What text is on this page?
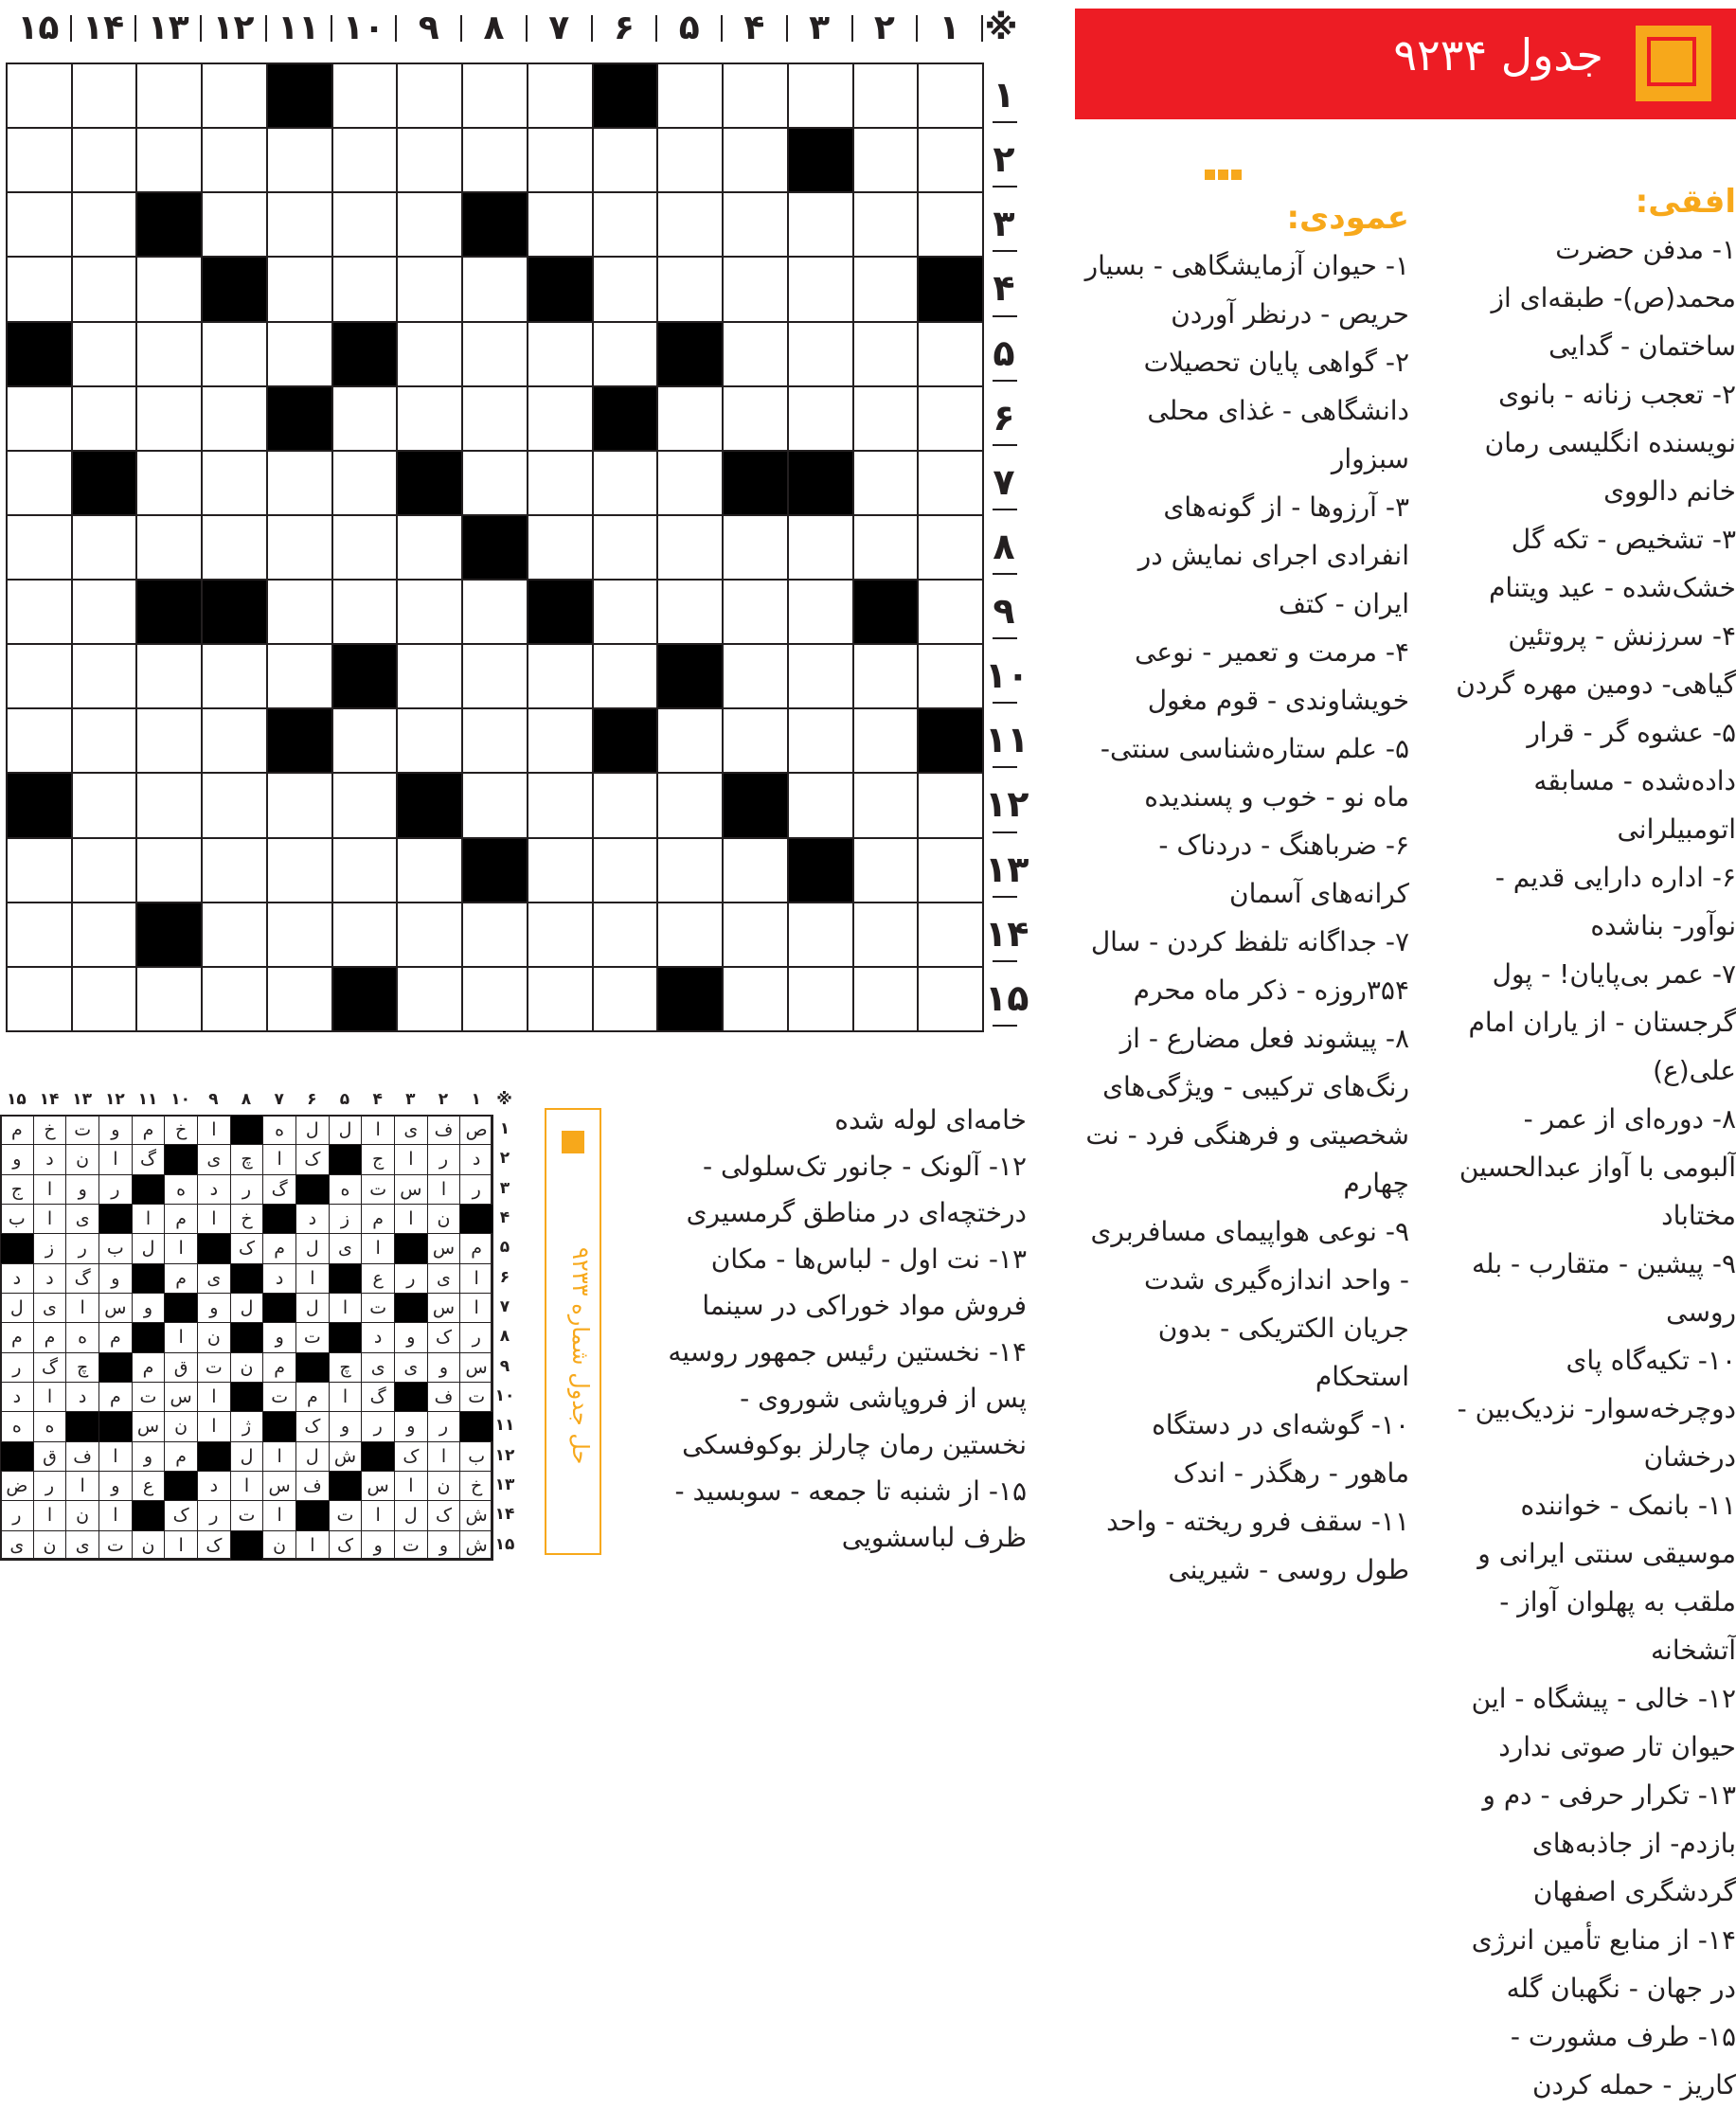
※
۱
۲
۳
۴
۵
۶
۷
۸
۹
۱۰
۱۱
۱۲
۱۳
۱۴
۱۵
۱
۲
۳
۴
۵
۶
۷
۸
۹
۱۰
۱۱
۱۲
۱۳
۱۴
۱۵
جدول ۹۲۳۴
افقی:

۱- مدفن حضرت محمد(ص)- طبقه‌ای از ساختمان - گدایی

۲- تعجب زنانه - بانوی نویسنده انگلیسی رمان خانم دالووی

۳- تشخیص - تکه گل خشک‌شده - عید ویتنام

۴- سرزنش - پروتئین گیاهی- دومین مهره گردن

۵- عشوه گر - قرار داده‌شده - مسابقه اتومبیلرانی

۶- اداره دارایی قدیم - نوآور- بناشده

۷- عمر بی‌پایان! - پول گرجستان - از یاران امام علی(ع)

۸- دوره‌ای از عمر - آلبومی با آواز عبدالحسین مختاباد

۹- پیشین - متقارب - بله روسی

۱۰- تکیه‌گاه پای دوچرخه‌سوار- نزدیک‌بین - درخشان

۱۱- بانمک - خواننده موسیقی سنتی ایرانی و ملقب به پهلوان آواز - آتشخانه

۱۲- خالی - پیشگاه - این حیوان تار صوتی ندارد

۱۳- تکرار حرفی - دم و بازدم- از جاذبه‌های گردشگری اصفهان

۱۴- از منابع تأمین انرژی در جهان - نگهبان گله

۱۵- طرف مشورت - کاریز - حمله کردن

عمودی:

۱- حیوان آزمایشگاهی - بسیار حریص - درنظر آوردن

۲- گواهی پایان تحصیلات دانشگاهی - غذای محلی سبزوار

۳- آرزوها - از گونه‌های انفرادی اجرای نمایش در ایران - کتف

۴- مرمت و تعمیر - نوعی خویشاوندی - قوم مغول

۵- علم ستاره‌شناسی سنتی- ماه نو - خوب و پسندیده

۶- ضرباهنگ - دردناک - کرانه‌های آسمان

۷- جداگانه تلفظ کردن - سال ۳۵۴روزه - ذکر ماه محرم

۸- پیشوند فعل مضارع - از رنگ‌های ترکیبی - ویژگی‌های شخصیتی و فرهنگی فرد - نت چهارم

۹- نوعی هواپیمای مسافربری - واحد اندازه‌گیری شدت جریان الکتریکی - بدون استحکام

۱۰- گوشه‌ای در دستگاه ماهور - رهگذر - اندک

۱۱- سقف فرو ریخته - واحد طول روسی - شیرینی

خامه‌ای لوله شده

۱۲- آلونک - جانور تک‌سلولی - درختچه‌ای در مناطق گرمسیری

۱۳- نت اول - لباس‌ها - مکان فروش مواد خوراکی در سینما

۱۴- نخستین رئیس جمهور روسیه پس از فروپاشی شوروی - نخستین رمان چارلز بوکوفسکی

۱۵- از شنبه تا جمعه - سوبسید - ظرف لباسشویی

※
۱
۲
۳
۴
۵
۶
۷
۸
۹
۱۰
۱۱
۱۲
۱۳
۱۴
۱۵
ص
ف
ی
ا
ل
ل
ه
ا
خ
م
و
ت
خ
م
د
ر
ا
ج
ک
ا
چ
ی
گ
ا
ن
د
و
ر
ا
س
ت
ه
گ
ر
د
ه
ر
و
ا
ج
ن
ا
م
ز
د
خ
ا
م
ا
ی
ا
ب
م
س
ا
ی
ل
م
ک
ا
ل
ب
ر
ز
ا
ی
ر
ع
ا
د
ی
م
و
گ
د
د
ا
س
ت
ا
ل
ل
و
و
س
ا
ی
ل
ر
ک
و
د
ت
و
ن
ا
م
ه
م
م
س
و
ی
ی
چ
م
ن
ت
ق
م
چ
گ
ر
ت
ف
گ
ا
م
ت
ا
س
ت
م
د
ا
د
ر
و
ر
و
ک
ژ
ا
ن
س
ه
ه
ب
ا
ک
ش
ل
ا
ل
م
و
ا
ف
ق
خ
ن
ا
س
ف
س
ا
د
ع
و
ا
ر
ض
ش
ک
ل
ا
ت
ا
ت
ر
ک
ا
ن
ا
ر
ش
و
ت
و
ک
ا
ن
ک
ا
ن
ت
ی
ن
ی
۱
۲
۳
۴
۵
۶
۷
۸
۹
۱۰
۱۱
۱۲
۱۳
۱۴
۱۵
حل جدول شماره ۹۲۳۳
